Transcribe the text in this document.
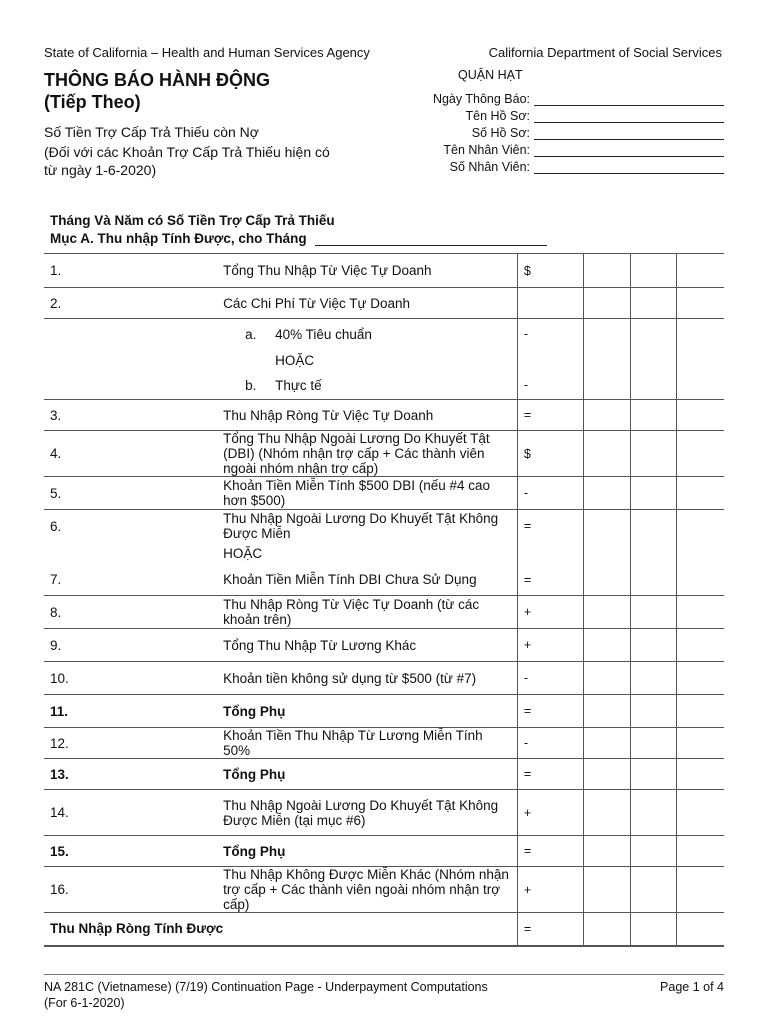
State of California – Health and Human Services Agency	California Department of Social Services
THÔNG BÁO HÀNH ĐỘNG
(Tiếp Theo)
Số Tiền Trợ Cấp Trả Thiếu còn Nợ
(Đối với các Khoản Trợ Cấp Trả Thiếu hiện có
từ ngày 1-6-2020)
QUẬN HẠT
Ngày Thông Báo:
Tên Hồ Sơ:
Số Hồ Sơ:
Tên Nhân Viên:
Số Nhân Viên:
Tháng Và Năm có Số Tiền Trợ Cấp Trả Thiếu
Mục A. Thu nhập Tính Được, cho Tháng
1.	Tổng Thu Nhập Từ Việc Tự Doanh	$			
2.	Các Chi Phí Từ Việc Tự Doanh				
	a. 40% Tiêu chuẩn	-			
	HOẶC				
	b. Thực tế	-			
3.	Thu Nhập Ròng Từ Việc Tự Doanh	=			
4.	Tổng Thu Nhập Ngoài Lương Do Khuyết Tật (DBI) (Nhóm nhận trợ cấp + Các thành viên ngoài nhóm nhận trợ cấp)	$			
5.	Khoản Tiền Miễn Tính $500 DBI (nếu #4 cao hơn $500)	-			
6.	Thu Nhập Ngoài Lương Do Khuyết Tật Không Được Miễn	=			
	HOẶC				
7.	Khoản Tiền Miễn Tính DBI Chưa Sử Dụng	=			
8.	Thu Nhập Ròng Từ Việc Tự Doanh (từ các khoản trên)	+			
9.	Tổng Thu Nhập Từ Lương Khác	+			
10.	Khoản tiền không sử dụng từ $500 (từ #7)	-			
11.	Tổng Phụ	=			
12.	Khoản Tiền Thu Nhập Từ Lương Miễn Tính 50%	-			
13.	Tổng Phụ	=			
14.	Thu Nhập Ngoài Lương Do Khuyết Tật Không Được Miễn (tại mục #6)	+			
15.	Tổng Phụ	=			
16.	Thu Nhập Không Được Miễn Khác (Nhóm nhận trợ cấp + Các thành viên ngoài nhóm nhận trợ cấp)	+			
Thu Nhập Ròng Tính Được		=			
NA 281C (Vietnamese) (7/19) Continuation Page - Underpayment Computations
(For 6-1-2020)
Page 1 of 4
